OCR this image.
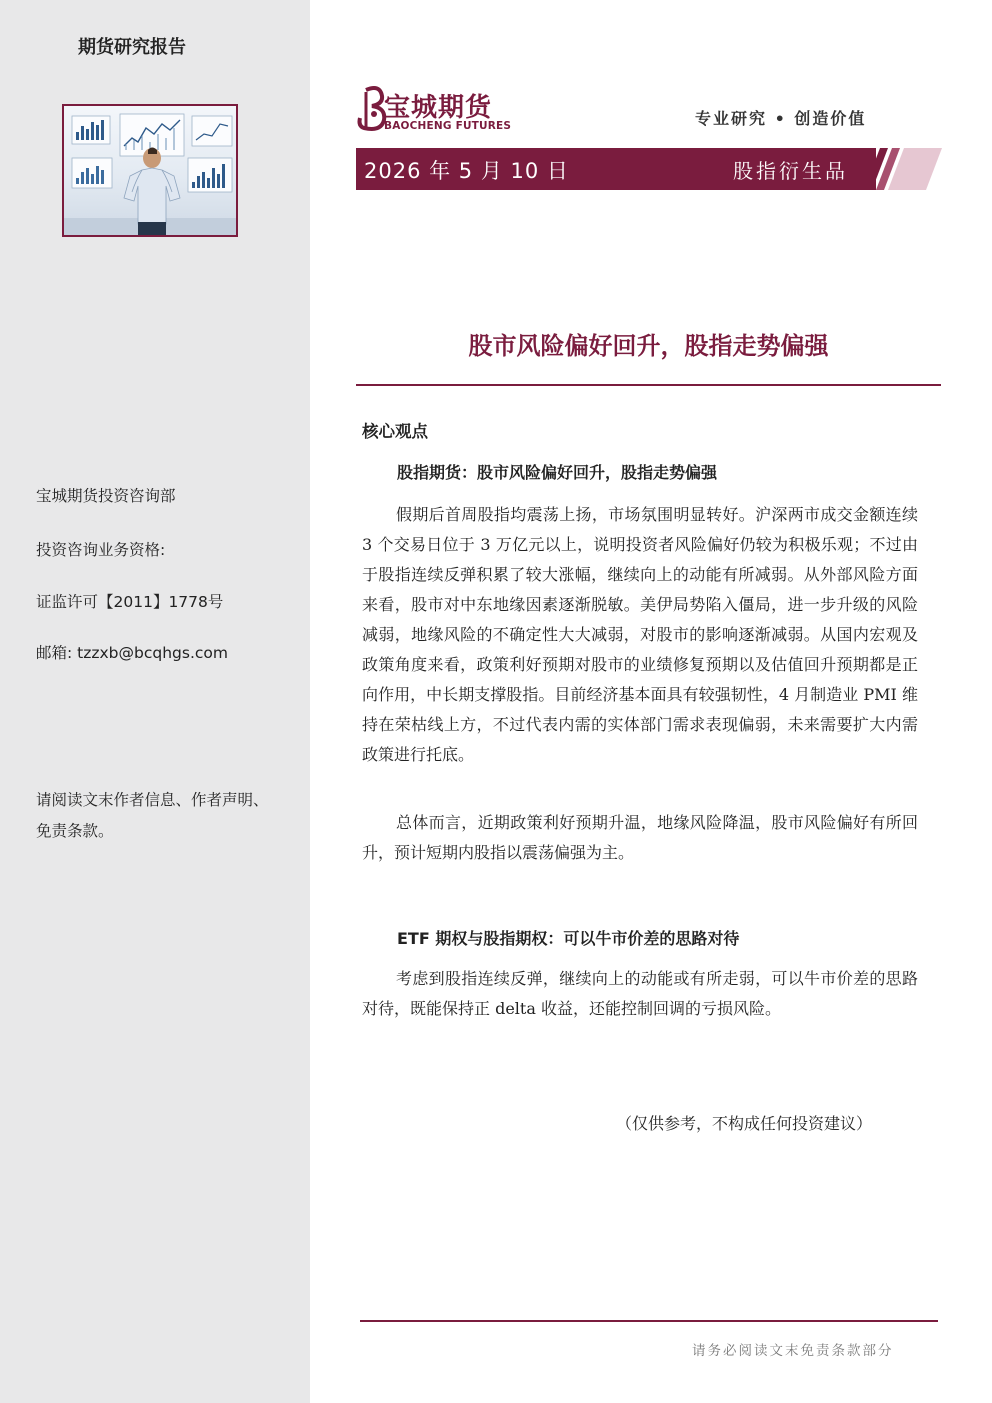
期货研究报告
宝城期货投资咨询部
投资咨询业务资格:
证监许可【2011】1778号
邮箱: tzzxb@bcqhgs.com
请阅读文末作者信息、作者声明、免责条款。
宝城期货
BAOCHENG FUTURES	专业研究 • 创造价值
2026 年 5 月 10 日	股指衍生品
股市风险偏好回升，股指走势偏强
核心观点
股指期货：股市风险偏好回升，股指走势偏强

假期后首周股指均震荡上扬，市场氛围明显转好。沪深两市成交金额连续 3 个交易日位于 3 万亿元以上，说明投资者风险偏好仍较为积极乐观；不过由于股指连续反弹积累了较大涨幅，继续向上的动能有所减弱。从外部风险方面来看，股市对中东地缘因素逐渐脱敏。美伊局势陷入僵局，进一步升级的风险减弱，地缘风险的不确定性大大减弱，对股市的影响逐渐减弱。从国内宏观及政策角度来看，政策利好预期对股市的业绩修复预期以及估值回升预期都是正向作用，中长期支撑股指。目前经济基本面具有较强韧性，4 月制造业 PMI 维持在荣枯线上方，不过代表内需的实体部门需求表现偏弱，未来需要扩大内需政策进行托底。

总体而言，近期政策利好预期升温，地缘风险降温，股市风险偏好有所回升，预计短期内股指以震荡偏强为主。

ETF 期权与股指期权：可以牛市价差的思路对待

考虑到股指连续反弹，继续向上的动能或有所走弱，可以牛市价差的思路对待，既能保持正 delta 收益，还能控制回调的亏损风险。

（仅供参考，不构成任何投资建议）
请务必阅读文末免责条款部分
